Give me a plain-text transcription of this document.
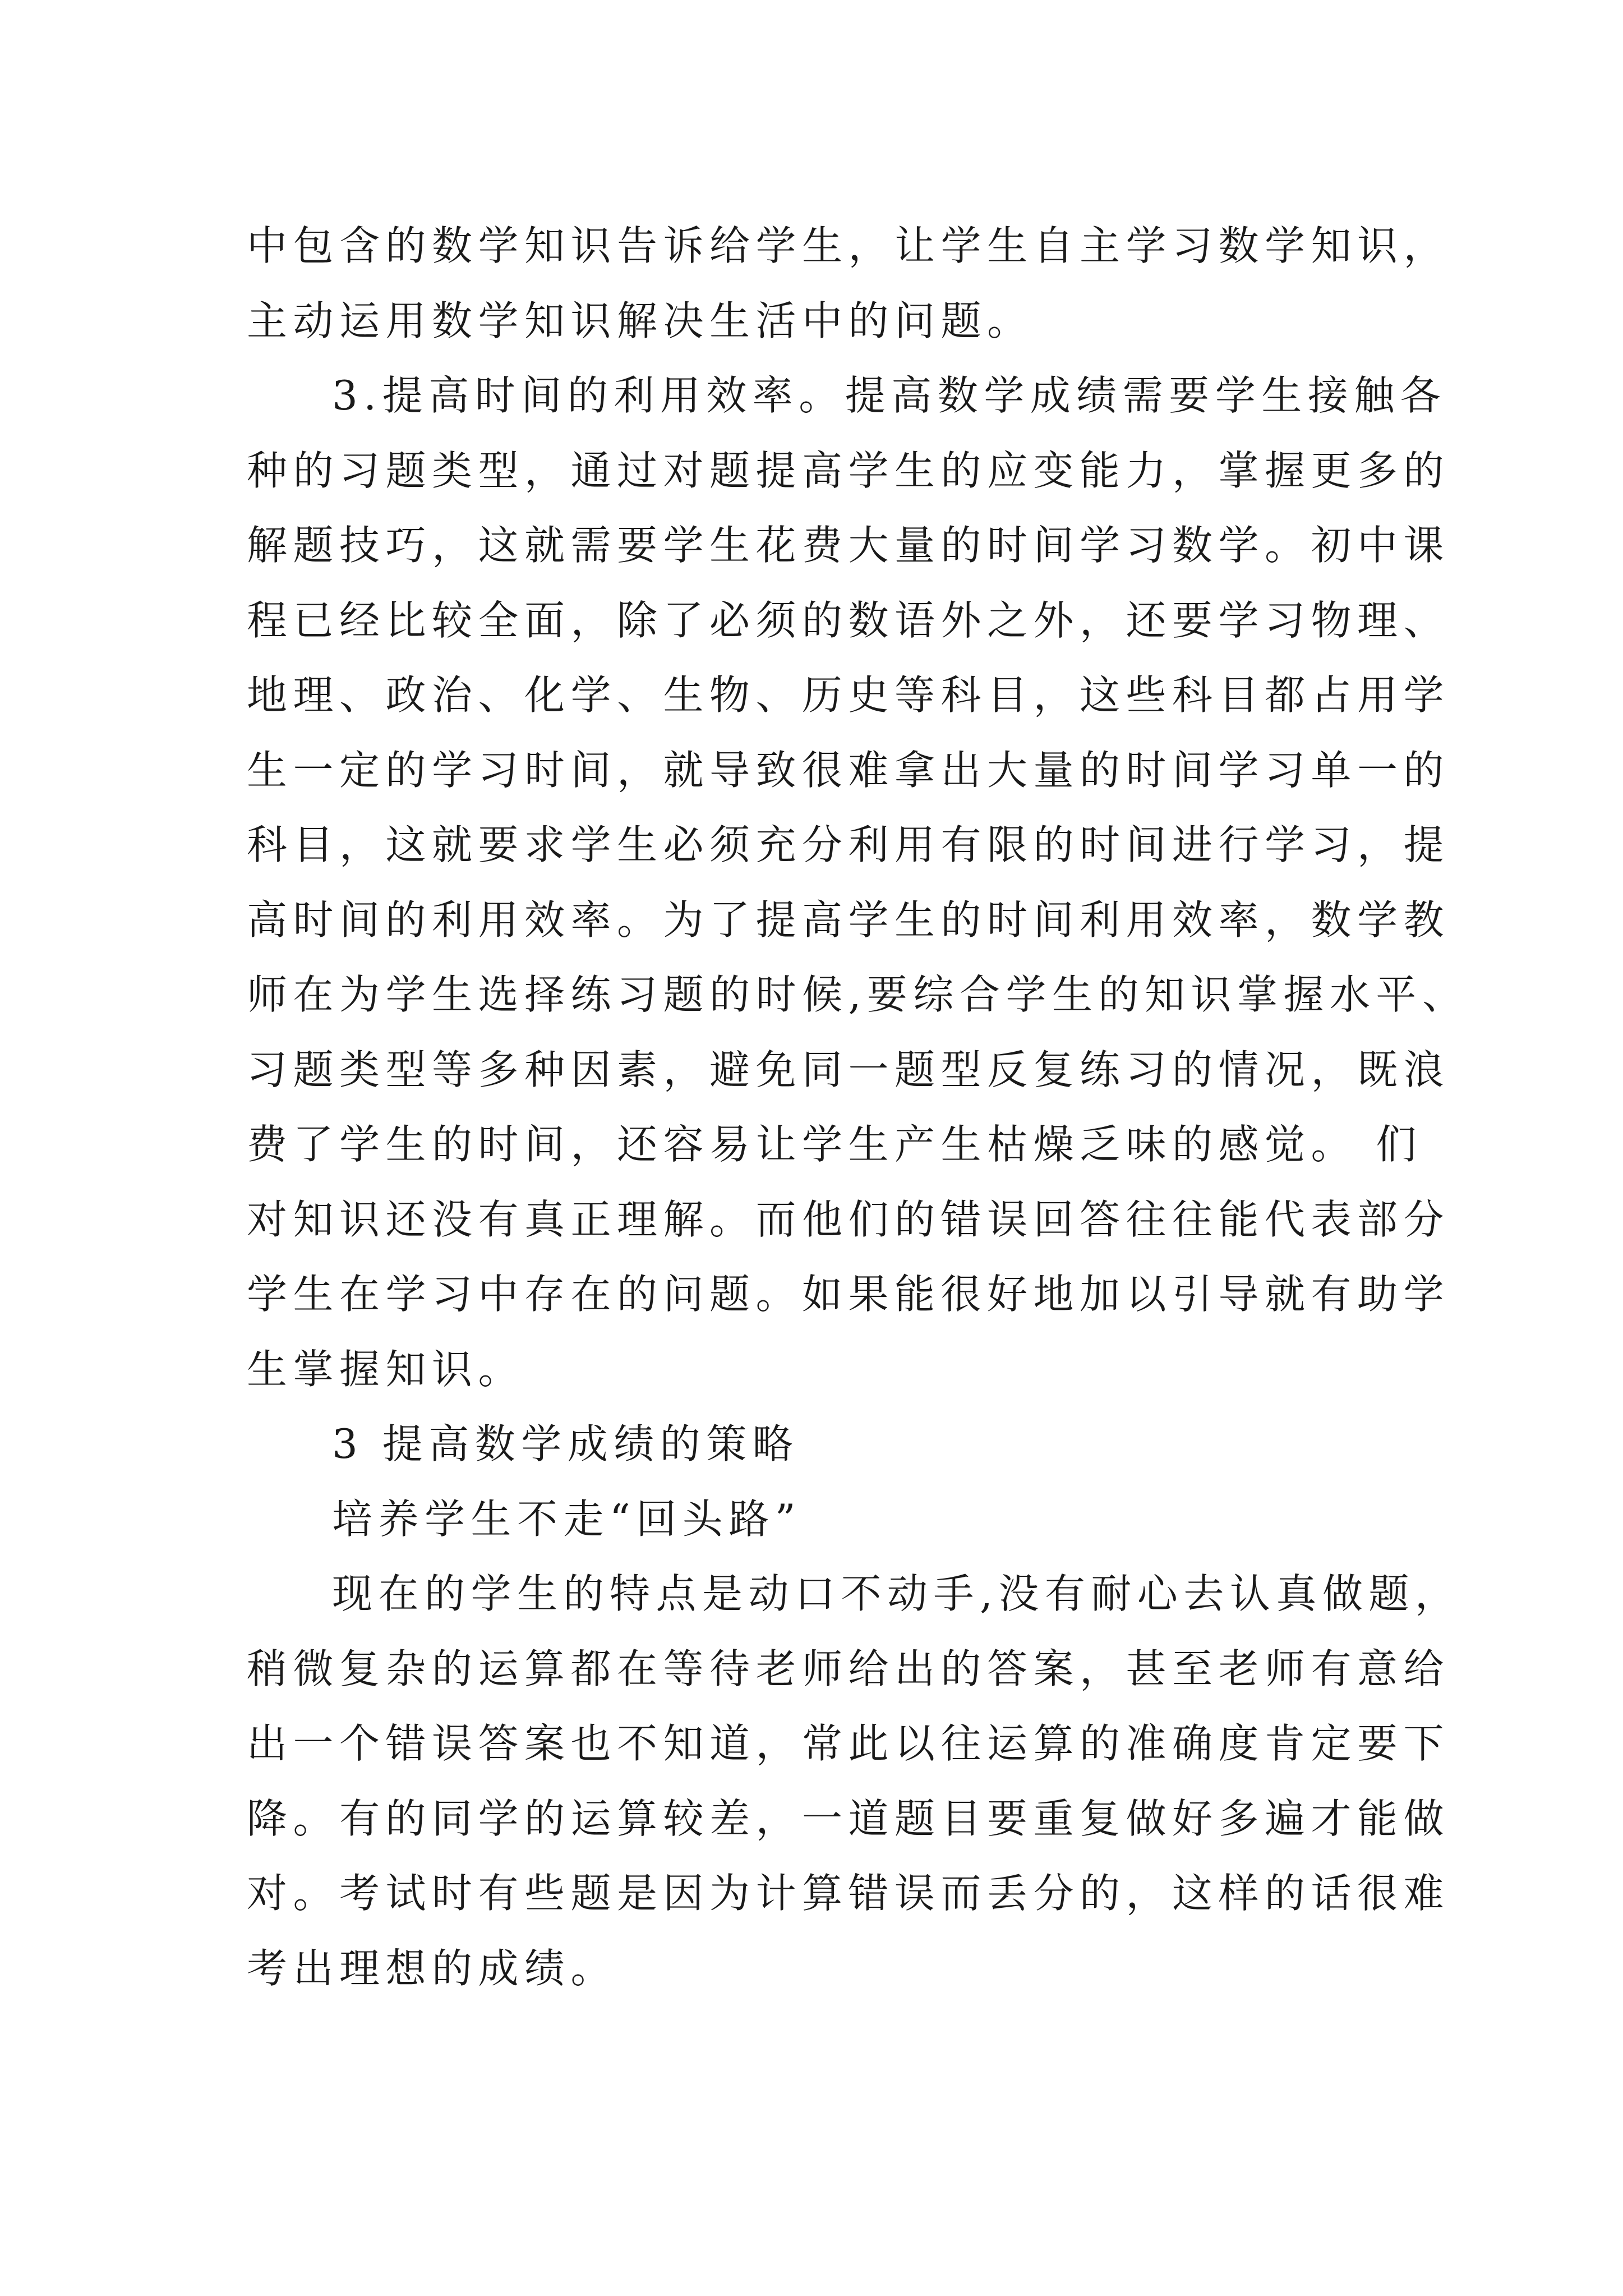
中包含的数学知识告诉给学生，让学生自主学习数学知识，
主动运用数学知识解决生活中的问题。
3.提高时间的利用效率。提高数学成绩需要学生接触各
种的习题类型，通过对题提高学生的应变能力，掌握更多的
解题技巧，这就需要学生花费大量的时间学习数学。初中课
程已经比较全面，除了必须的数语外之外，还要学习物理、
地理、政治、化学、生物、历史等科目，这些科目都占用学
生一定的学习时间，就导致很难拿出大量的时间学习单一的
科目，这就要求学生必须充分利用有限的时间进行学习，提
高时间的利用效率。为了提高学生的时间利用效率，数学教
师在为学生选择练习题的时候,要综合学生的知识掌握水平、
习题类型等多种因素，避免同一题型反复练习的情况，既浪
费了学生的时间，还容易让学生产生枯燥乏味的感觉。 们
对知识还没有真正理解。而他们的错误回答往往能代表部分
学生在学习中存在的问题。如果能很好地加以引导就有助学
生掌握知识。
3 提高数学成绩的策略
培养学生不走“回头路”
现在的学生的特点是动口不动手,没有耐心去认真做题，
稍微复杂的运算都在等待老师给出的答案，甚至老师有意给
出一个错误答案也不知道，常此以往运算的准确度肯定要下
降。有的同学的运算较差，一道题目要重复做好多遍才能做
对。考试时有些题是因为计算错误而丢分的，这样的话很难
考出理想的成绩。
